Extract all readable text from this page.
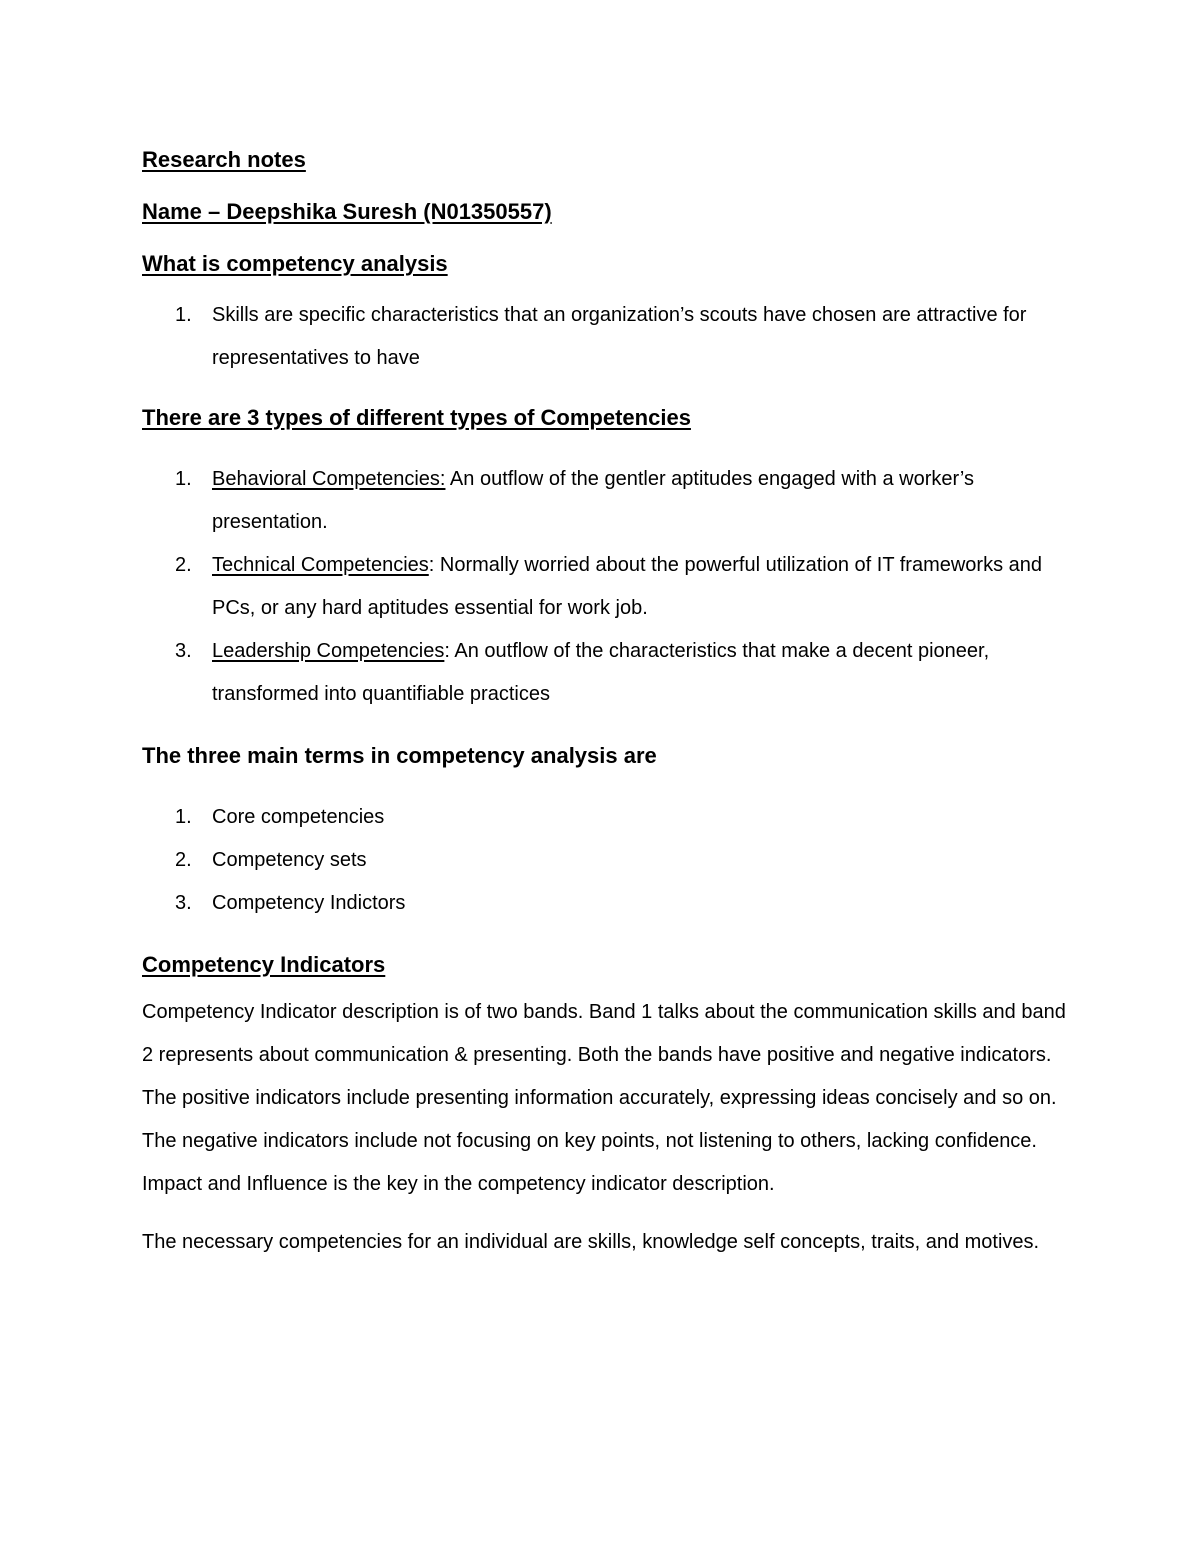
Research notes
Name – Deepshika Suresh (N01350557)
What is competency analysis
1. Skills are specific characteristics that an organization’s scouts have chosen are attractive for representatives to have
There are 3 types of different types of Competencies
1. Behavioral Competencies: An outflow of the gentler aptitudes engaged with a worker’s presentation.
2. Technical Competencies: Normally worried about the powerful utilization of IT frameworks and PCs, or any hard aptitudes essential for work job.
3. Leadership Competencies: An outflow of the characteristics that make a decent pioneer, transformed into quantifiable practices
The three main terms in competency analysis are
1. Core competencies
2. Competency sets
3. Competency Indictors
Competency Indicators

Competency Indicator description is of two bands. Band 1 talks about the communication skills and band 2 represents about communication & presenting. Both the bands have positive and negative indicators. The positive indicators include presenting information accurately, expressing ideas concisely and so on. The negative indicators include not focusing on key points, not listening to others, lacking confidence. Impact and Influence is the key in the competency indicator description.

The necessary competencies for an individual are skills, knowledge self concepts, traits, and motives.
